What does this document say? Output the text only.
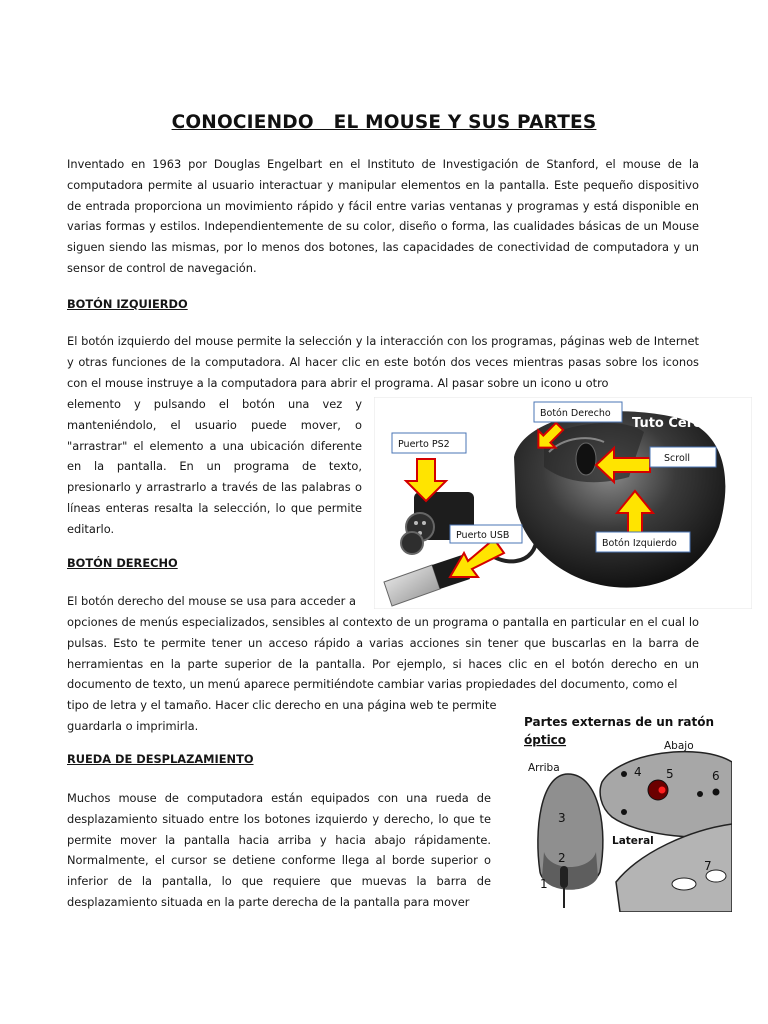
CONOCIENDO   EL MOUSE Y SUS PARTES

Inventado en 1963 por Douglas Engelbart en el Instituto de Investigación de Stanford, el mouse de la computadora permite al usuario interactuar y manipular elementos en la pantalla. Este pequeño dispositivo de entrada proporciona un movimiento rápido y fácil entre varias ventanas y programas y está disponible en varias formas y estilos. Independientemente de su color, diseño o forma, las cualidades básicas de un Mouse siguen siendo las mismas, por lo menos dos botones, las capacidades de conectividad de computadora y un sensor de control de navegación.

BOTÓN IZQUIERDO

El botón izquierdo del mouse permite la selección y la interacción con los programas, páginas web de Internet y otras funciones de la computadora. Al hacer clic en este botón dos veces mientras pasas sobre los iconos con el mouse instruye a la computadora para abrir el programa. Al pasar sobre un icono u otro

elemento y pulsando el botón una vez y manteniéndolo, el usuario puede mover, o "arrastrar" el elemento a una ubicación diferente en la pantalla. En un programa de texto, presionarlo y arrastrarlo a través de las palabras o líneas enteras resalta la selección, lo que permite editarlo.

BOTÓN DERECHO

El botón derecho del mouse se usa para acceder a

opciones de menús especializados, sensibles al contexto de un programa o pantalla en particular en el cual lo pulsas. Esto te permite tener un acceso rápido a varias acciones sin tener que buscarlas en la barra de herramientas en la parte superior de la pantalla. Por ejemplo, si haces clic en el botón derecho en un documento de texto, un menú aparece permitiéndote cambiar varias propiedades del documento, como el

tipo de letra y el tamaño. Hacer clic derecho en una página web te permite guardarla o imprimirla.

RUEDA DE DESPLAZAMIENTO

Muchos mouse de computadora están equipados con una rueda de desplazamiento situado entre los botones izquierdo y derecho, lo que te permite mover la pantalla hacia arriba y hacia abajo rápidamente. Normalmente, el cursor se detiene conforme llega al borde superior o inferior de la pantalla, lo que requiere que muevas la barra de desplazamiento situada en la parte derecha de la pantalla para mover

Tuto Cero
Botón Derecho
Puerto PS2
Scroll
Puerto USB
Botón Izquierdo
Partes externas de un ratón
óptico	Abajo
Arriba	4 5	6
3
2
1
7
Lateral
